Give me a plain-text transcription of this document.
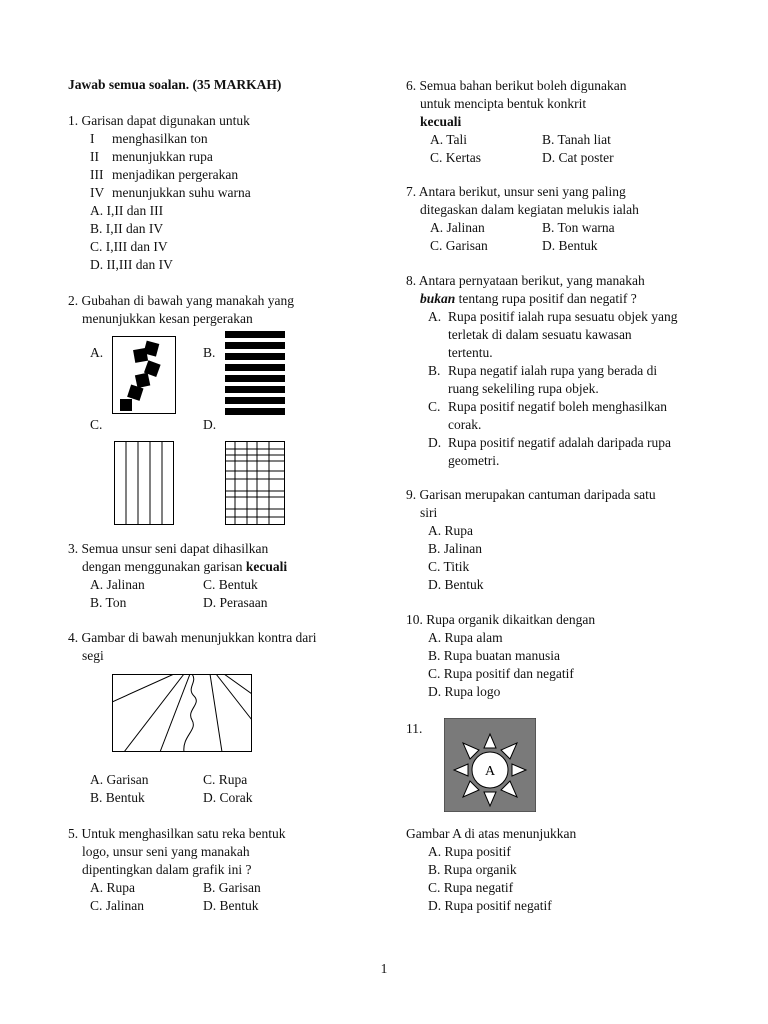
Jawab semua soalan. (35 MARKAH)
1. Garisan dapat digunakan untuk
I	menghasilkan ton
II menunjukkan rupa
III menjadikan pergerakan
IV menunjukkan suhu warna
A. I,II dan III
B. I,II dan IV
C. I,III dan IV
D. II,III dan IV
2. Gubahan di bawah yang manakah yang
menunjukkan kesan pergerakan
A.	B.
C.	D.
3. Semua unsur seni dapat dihasilkan
dengan menggunakan garisan kecuali
A. Jalinan	C. Bentuk
B. Ton	D. Perasaan
4. Gambar di bawah menunjukkan kontra dari
segi
A. Garisan	C. Rupa
B. Bentuk	D. Corak
5. Untuk menghasilkan satu reka bentuk
logo, unsur seni yang manakah
dipentingkan dalam grafik ini ?
A. Rupa	B. Garisan
C. Jalinan	D. Bentuk
6. Semua bahan berikut boleh digunakan
untuk mencipta bentuk konkrit
kecuali
A. Tali	B. Tanah liat
C. Kertas	D. Cat poster
7. Antara berikut, unsur seni yang paling
ditegaskan dalam kegiatan melukis ialah
A. Jalinan	B. Ton warna
C. Garisan	D. Bentuk
8. Antara pernyataan berikut, yang manakah
bukan tentang rupa positif dan negatif ?
A. Rupa positif ialah rupa sesuatu objek yang
terletak di dalam sesuatu kawasan
tertentu.
B. Rupa negatif ialah rupa yang berada di
ruang sekeliling rupa objek.
C. Rupa positif negatif boleh menghasilkan
corak.
D. Rupa positif negatif adalah daripada rupa
geometri.
9. Garisan merupakan cantuman daripada satu
siri
A. Rupa
B. Jalinan
C. Titik
D. Bentuk
10. Rupa organik dikaitkan dengan
A. Rupa alam
B. Rupa buatan manusia
C. Rupa positif dan negatif
D. Rupa logo
11.
A
Gambar A di atas menunjukkan
A. Rupa positif
B. Rupa organik
C. Rupa negatif
D. Rupa positif negatif
1
